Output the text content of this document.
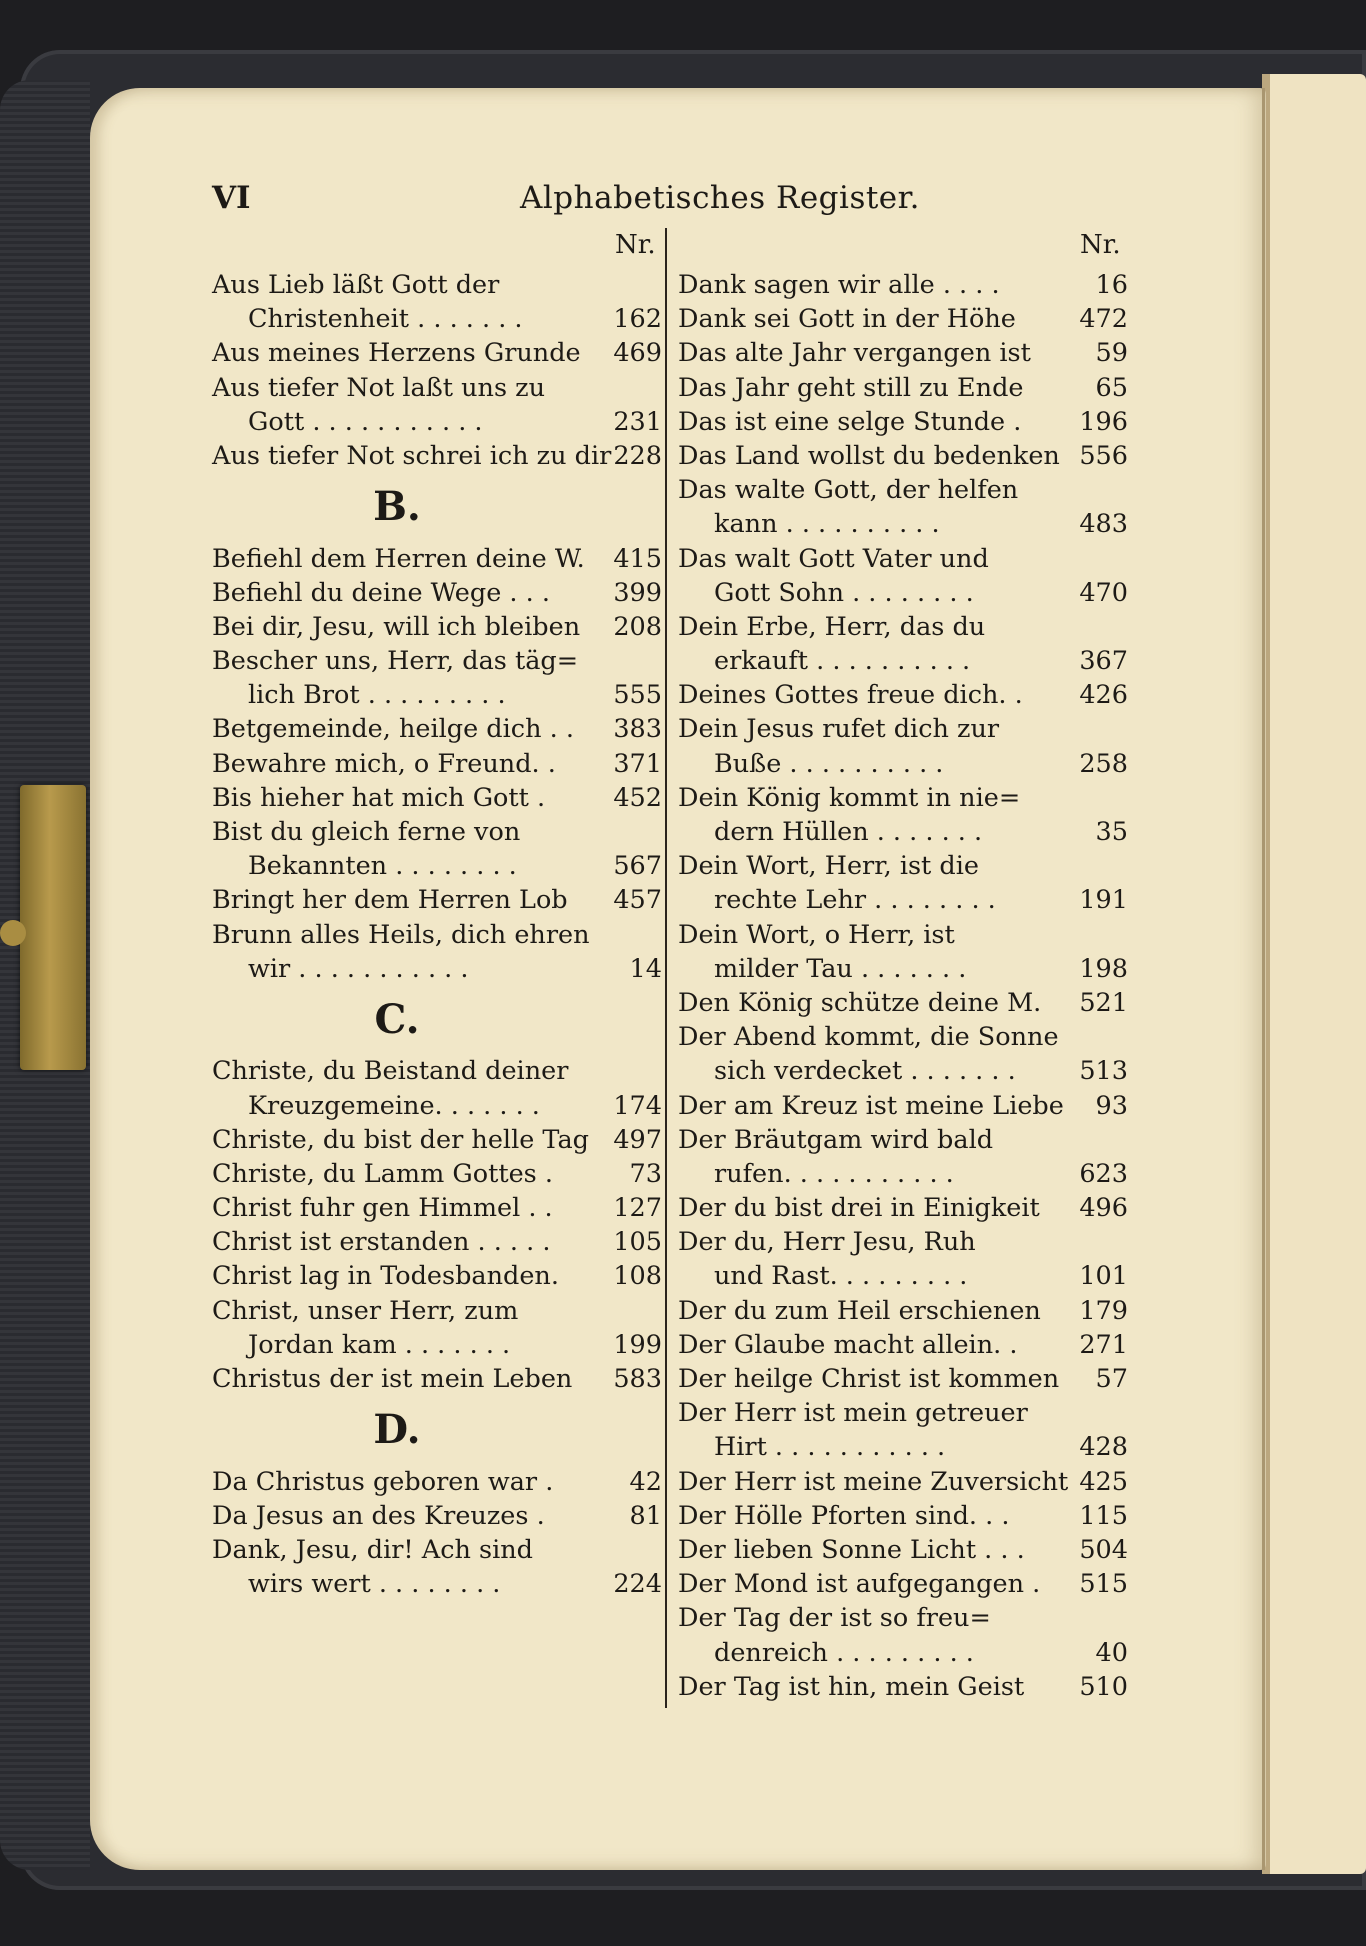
VI	Alphabetisches Register.
Nr.	Nr.
Aus Lieb läßt Gott der
Christenheit . . . . . . .	162
Aus meines Herzens Grunde 469
Aus tiefer Not laßt uns zu
Gott . . . . . . . . . . .	231
Aus tiefer Not schrei ich zu dir 228
B.
Befiehl dem Herren deine W. 415
Befiehl du deine Wege . . . 399
Bei dir, Jesu, will ich bleiben 208
Bescher uns, Herr, das täg=
lich Brot . . . . . . . . .	555
Betgemeinde, heilge dich . . 383
Bewahre mich, o Freund. . 371
Bis hieher hat mich Gott .	452
Bist du gleich ferne von
Bekannten . . . . . . . .	567
Bringt her dem Herren Lob 457
Brunn alles Heils, dich ehren
wir . . . . . . . . . . .	14
C.
Christe, du Beistand deiner
Kreuzgemeine. . . . . . .	174
Christe, du bist der helle Tag 497
Christe, du Lamm Gottes .	73
Christ fuhr gen Himmel . . 127
Christ ist erstanden . . . . . 105
Christ lag in Todesbanden. 108
Christ, unser Herr, zum
Jordan kam . . . . . . .	199
Christus der ist mein Leben 583
D.
Da Christus geboren war .	42
Da Jesus an des Kreuzes .	81
Dank, Jesu, dir! Ach sind
wirs wert . . . . . . . .	224
Dank sagen wir alle . . . .	16
Dank sei Gott in der Höhe 472
Das alte Jahr vergangen ist	59
Das Jahr geht still zu Ende	65
Das ist eine selge Stunde . 196
Das Land wollst du bedenken 556
Das walte Gott, der helfen
kann . . . . . . . . . .	483
Das walt Gott Vater und
Gott Sohn . . . . . . . .	470
Dein Erbe, Herr, das du
erkauft . . . . . . . . . .	367
Deines Gottes freue dich. . 426
Dein Jesus rufet dich zur
Buße . . . . . . . . . .	258
Dein König kommt in nie=
dern Hüllen . . . . . . .	35
Dein Wort, Herr, ist die
rechte Lehr . . . . . . . .	191
Dein Wort, o Herr, ist
milder Tau . . . . . . .	198
Den König schütze deine M. 521
Der Abend kommt, die Sonne
sich verdecket . . . . . . . 513
Der am Kreuz ist meine Liebe 93
Der Bräutgam wird bald
rufen. . . . . . . . . . .	623
Der du bist drei in Einigkeit 496
Der du, Herr Jesu, Ruh
und Rast. . . . . . . . .	101
Der du zum Heil erschienen 179
Der Glaube macht allein. . 271
Der heilge Christ ist kommen 57
Der Herr ist mein getreuer
Hirt . . . . . . . . . . .	428
Der Herr ist meine Zuversicht 425
Der Hölle Pforten sind. . .	115
Der lieben Sonne Licht . . . 504
Der Mond ist aufgegangen . 515
Der Tag der ist so freu=
denreich . . . . . . . . .	40
Der Tag ist hin, mein Geist 510
